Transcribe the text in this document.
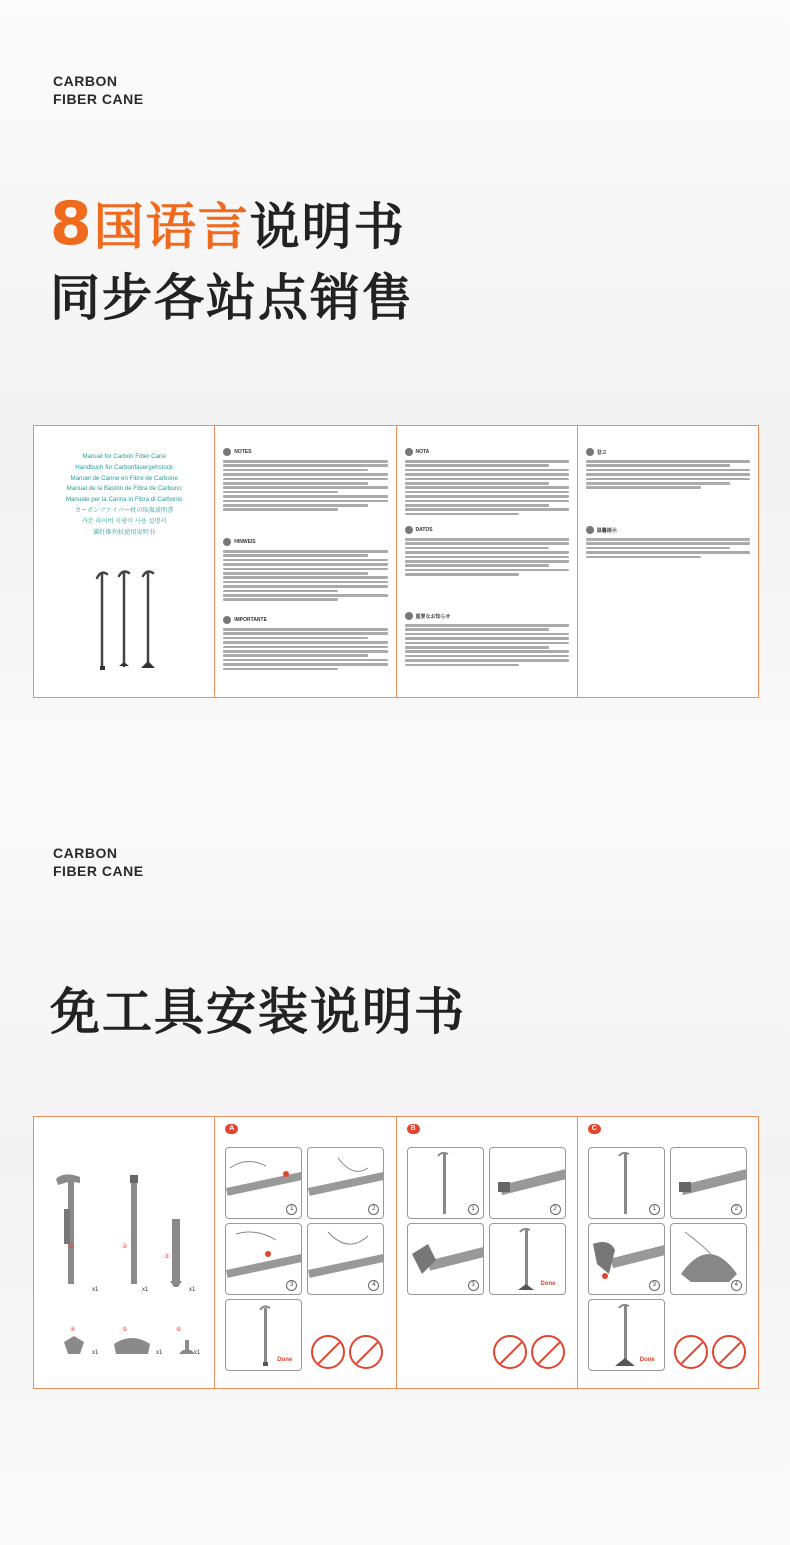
CARBON
FIBER CANE
8国语言说明书
同步各站点销售
Manual for Carbon Fiber Cane
Handbuch für Carbonfasergehstock
Manuel de Canne en Fibre de Carbone
Manual de la Bastón de Fibra de Carbono
Manuale per la Canna in Fibra di Carbonio
カーボンファイバー杖の取扱説明書
카본 파이버 지팡이 사용 설명서
碳纤维拐杖使用说明书
NOTES
HINWEIS
IMPORTANTE
NOTA
DATOS
重要なお知らせ
참고
温馨提示
CARBON
FIBER CANE
免工具安装说明书
①
x1
②
x1
③
x1
④
x1
⑤
x1
⑥
x1
A
1	2
3	4
Done
B
1	2
3	Done
C
1	2
3	4
Done
